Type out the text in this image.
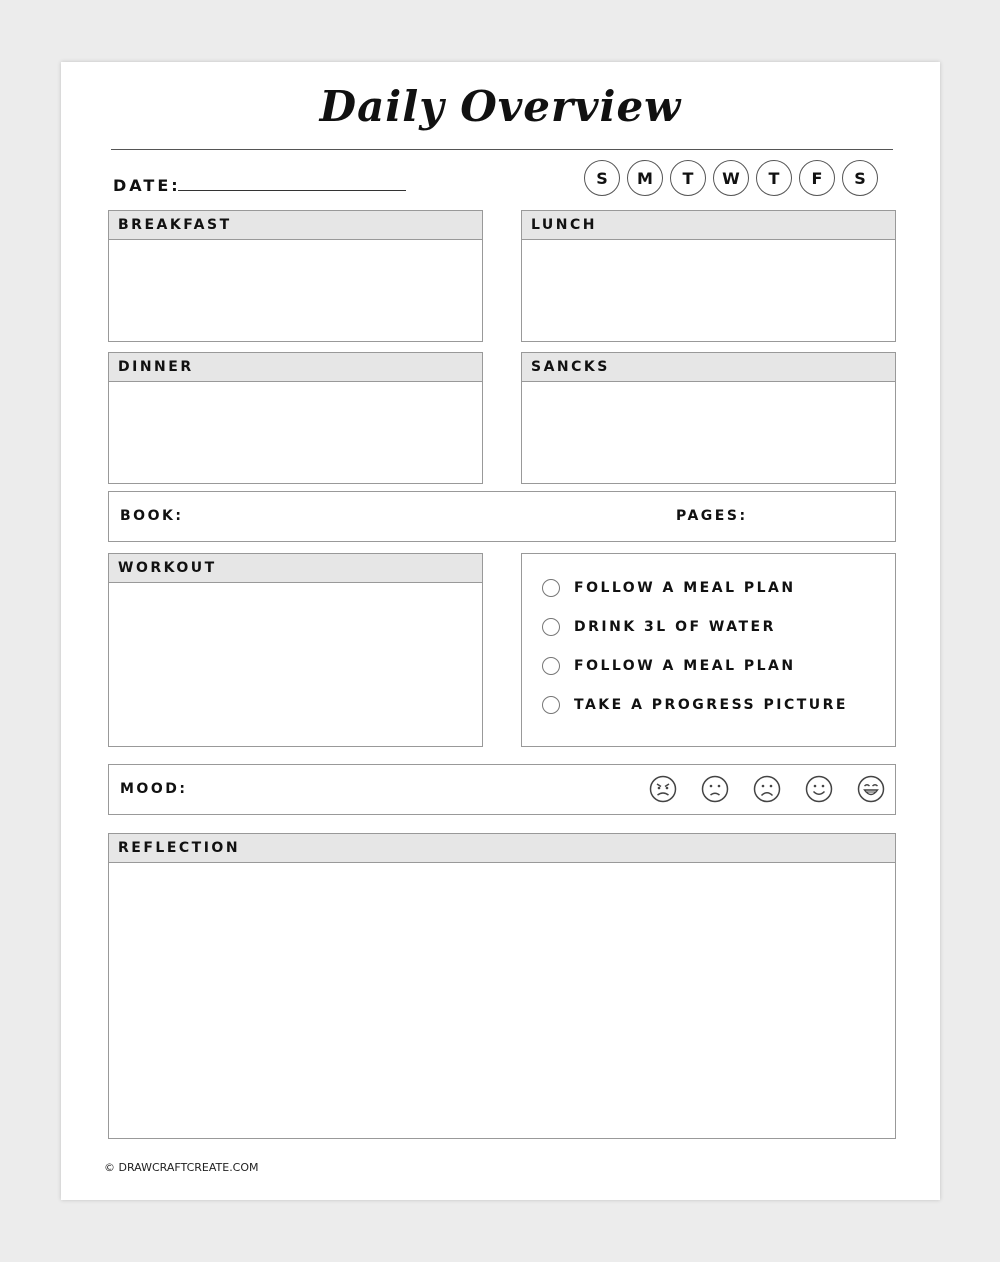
Daily Overview
DATE:	S	M	T	W	T	F	S
BREAKFAST	LUNCH
DINNER	SANCKS
BOOK:	PAGES:
WORKOUT
FOLLOW A MEAL PLAN
DRINK 3L OF WATER
FOLLOW A MEAL PLAN
TAKE A PROGRESS PICTURE
MOOD:
REFLECTION
© DRAWCRAFTCREATE.COM
